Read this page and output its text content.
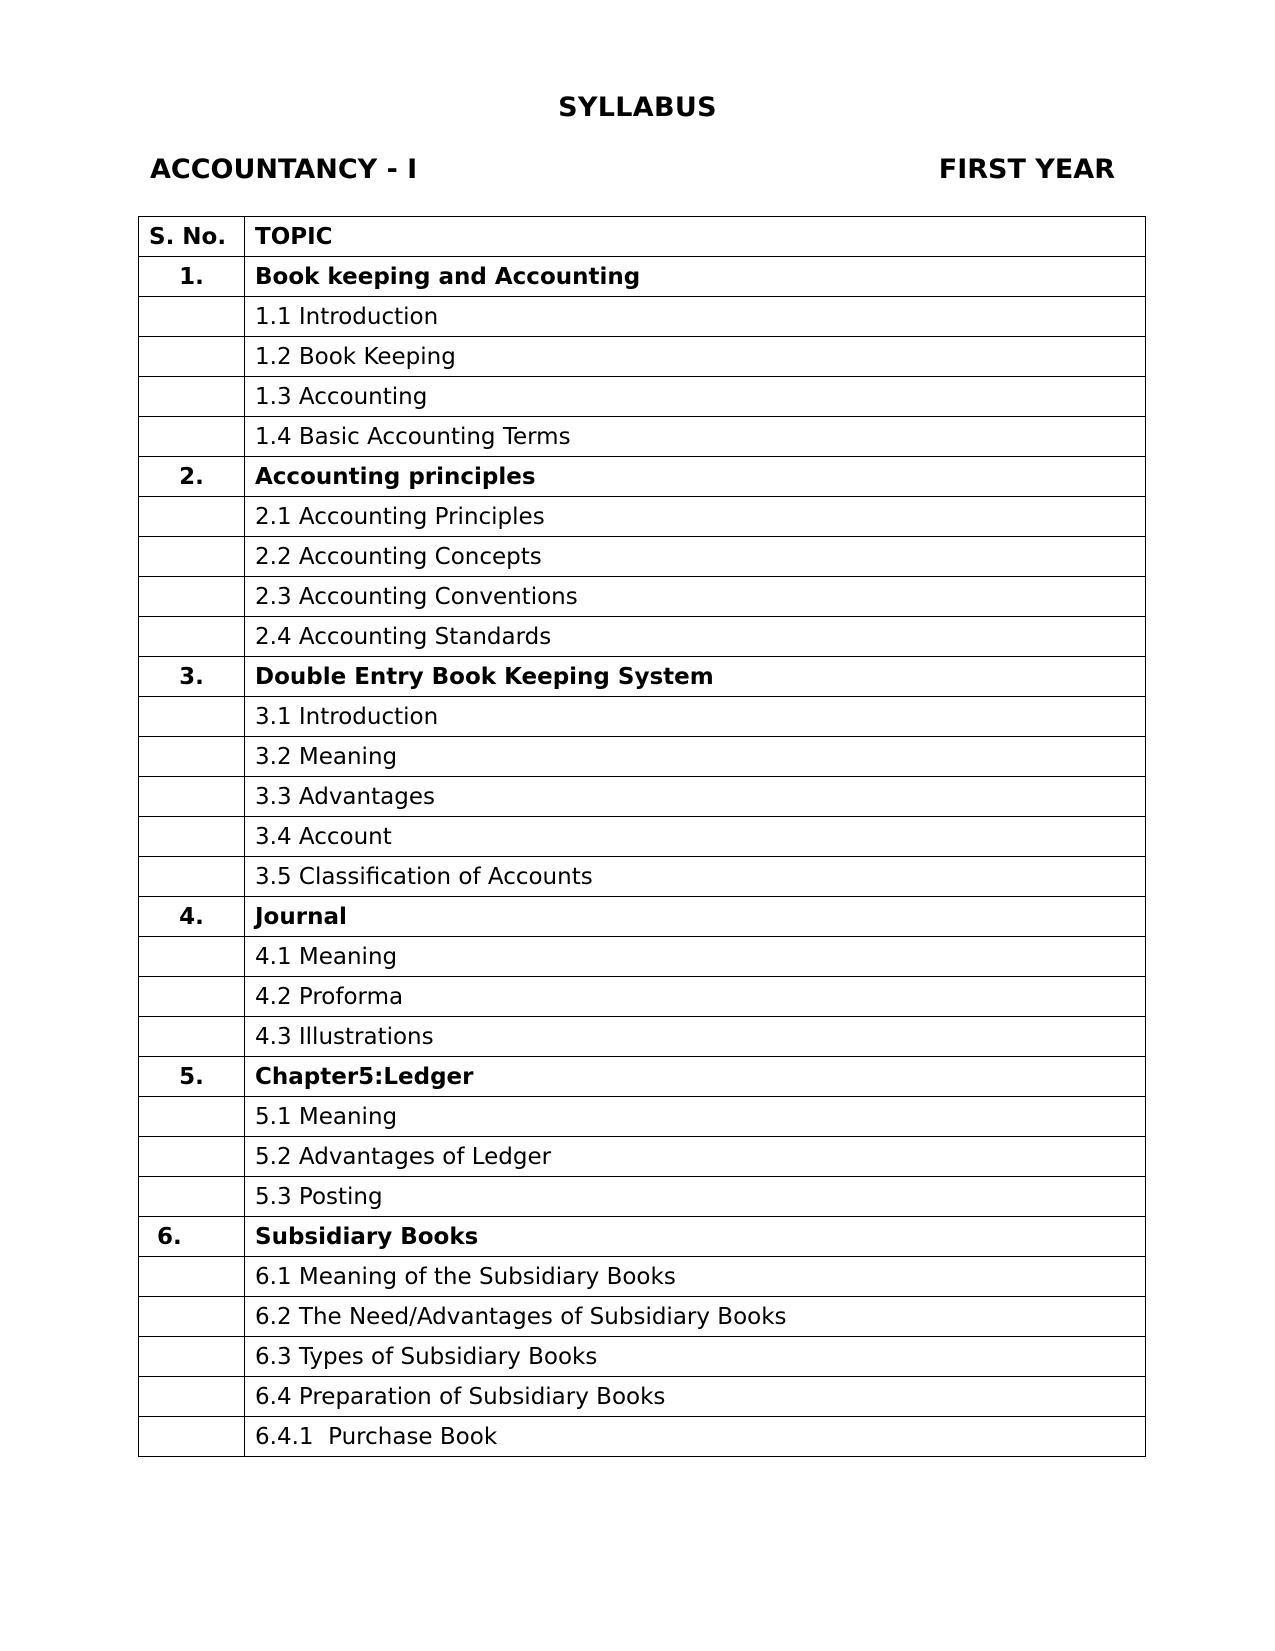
SYLLABUS
ACCOUNTANCY - I	FIRST YEAR
S. No.	TOPIC
1.	Book keeping and Accounting
	1.1 Introduction
	1.2 Book Keeping
	1.3 Accounting
	1.4 Basic Accounting Terms
2.	Accounting principles
	2.1 Accounting Principles
	2.2 Accounting Concepts
	2.3 Accounting Conventions
	2.4 Accounting Standards
3.	Double Entry Book Keeping System
	3.1 Introduction
	3.2 Meaning
	3.3 Advantages
	3.4 Account
	3.5 Classification of Accounts
4.	Journal
	4.1 Meaning
	4.2 Proforma
	4.3 Illustrations
5.	Chapter5:Ledger
	5.1 Meaning
	5.2 Advantages of Ledger
	5.3 Posting
6.	Subsidiary Books
	6.1 Meaning of the Subsidiary Books
	6.2 The Need/Advantages of Subsidiary Books
	6.3 Types of Subsidiary Books
	6.4 Preparation of Subsidiary Books
	6.4.1  Purchase Book
